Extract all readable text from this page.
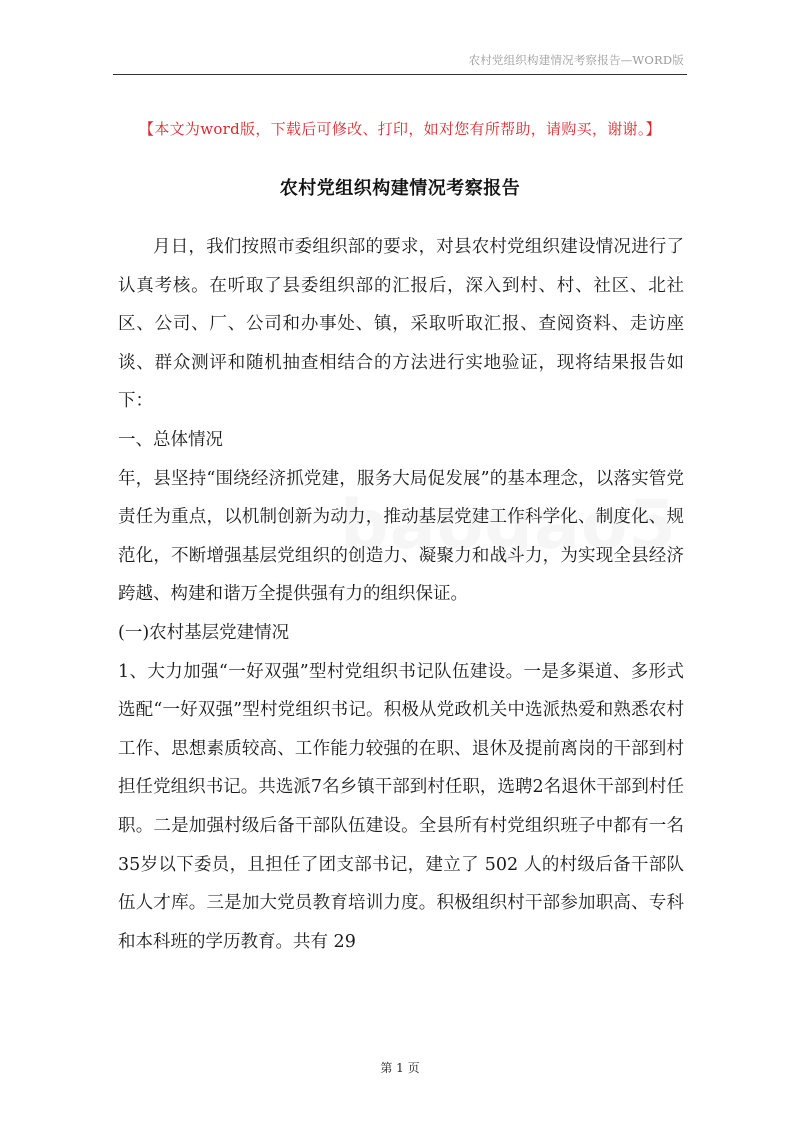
农村党组织构建情况考察报告—WORD版
【本文为word版，下载后可修改、打印，如对您有所帮助，请购买，谢谢。】
农村党组织构建情况考察报告

月日，我们按照市委组织部的要求，对县农村党组织建设情况进行了认真考核。在听取了县委组织部的汇报后，深入到村、村、社区、北社区、公司、厂、公司和办事处、镇，采取听取汇报、查阅资料、走访座谈、群众测评和随机抽查相结合的方法进行实地验证，现将结果报告如下：

一、总体情况

年，县坚持“围绕经济抓党建，服务大局促发展”的基本理念，以落实管党责任为重点，以机制创新为动力，推动基层党建工作科学化、制度化、规范化，不断增强基层党组织的创造力、凝聚力和战斗力，为实现全县经济跨越、构建和谐万全提供强有力的组织保证。

(一)农村基层党建情况

1、大力加强“一好双强”型村党组织书记队伍建设。一是多渠道、多形式选配“一好双强”型村党组织书记。积极从党政机关中选派热爱和熟悉农村工作、思想素质较高、工作能力较强的在职、退休及提前离岗的干部到村担任党组织书记。共选派7名乡镇干部到村任职，选聘2名退休干部到村任职。二是加强村级后备干部队伍建设。全县所有村党组织班子中都有一名35岁以下委员，且担任了团支部书记，建立了 502 人的村级后备干部队伍人才库。三是加大党员教育培训力度。积极组织村干部参加职高、专科和本科班的学历教育。共有 29

第 1 页
